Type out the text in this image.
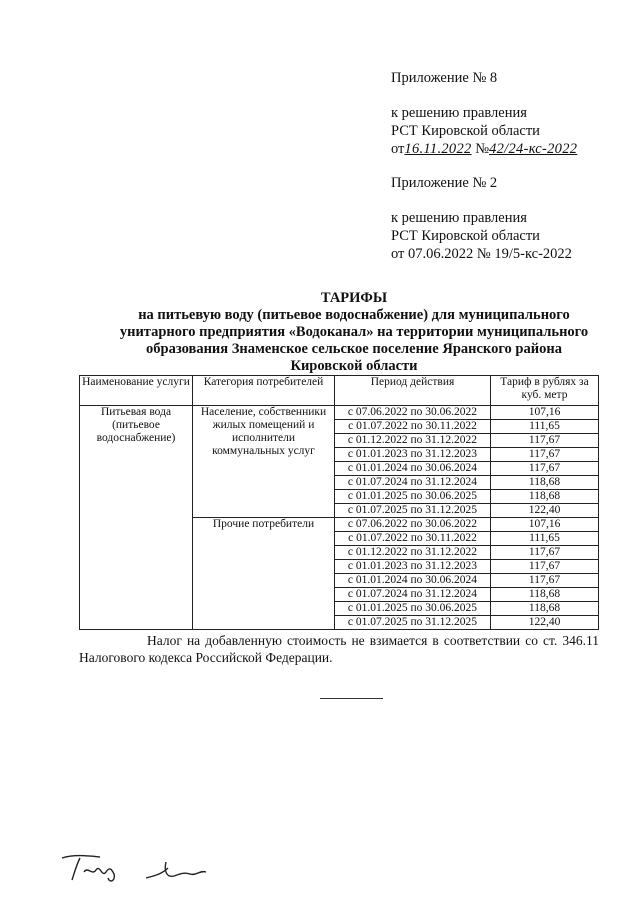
Приложение № 8
к решению правления
РСТ Кировской области
от16.11.2022 №42/24-кс-2022
Приложение № 2
к решению правления
РСТ Кировской области
от 07.06.2022 № 19/5-кс-2022
ТАРИФЫ
на питьевую воду (питьевое водоснабжение) для муниципального
унитарного предприятия «Водоканал» на территории муниципального
образования Знаменское сельское поселение Яранского района
Кировской области
Наименование услуги	Категория потребителей	Период действия	Тариф в рублях за куб. метр
Питьевая вода (питьевое водоснабжение)	Население, собственники жилых помещений и исполнители коммунальных услуг	с 07.06.2022 по 30.06.2022	107,16
		с 01.07.2022 по 30.11.2022	111,65
		с 01.12.2022 по 31.12.2022	117,67
		с 01.01.2023 по 31.12.2023	117,67
		с 01.01.2024 по 30.06.2024	117,67
		с 01.07.2024 по 31.12.2024	118,68
		с 01.01.2025 по 30.06.2025	118,68
		с 01.07.2025 по 31.12.2025	122,40
	Прочие потребители	с 07.06.2022 по 30.06.2022	107,16
		с 01.07.2022 по 30.11.2022	111,65
		с 01.12.2022 по 31.12.2022	117,67
		с 01.01.2023 по 31.12.2023	117,67
		с 01.01.2024 по 30.06.2024	117,67
		с 01.07.2024 по 31.12.2024	118,68
		с 01.01.2025 по 30.06.2025	118,68
		с 01.07.2025 по 31.12.2025	122,40
Налог на добавленную стоимость не взимается в соответствии со ст. 346.11
Налогового кодекса Российской Федерации.
